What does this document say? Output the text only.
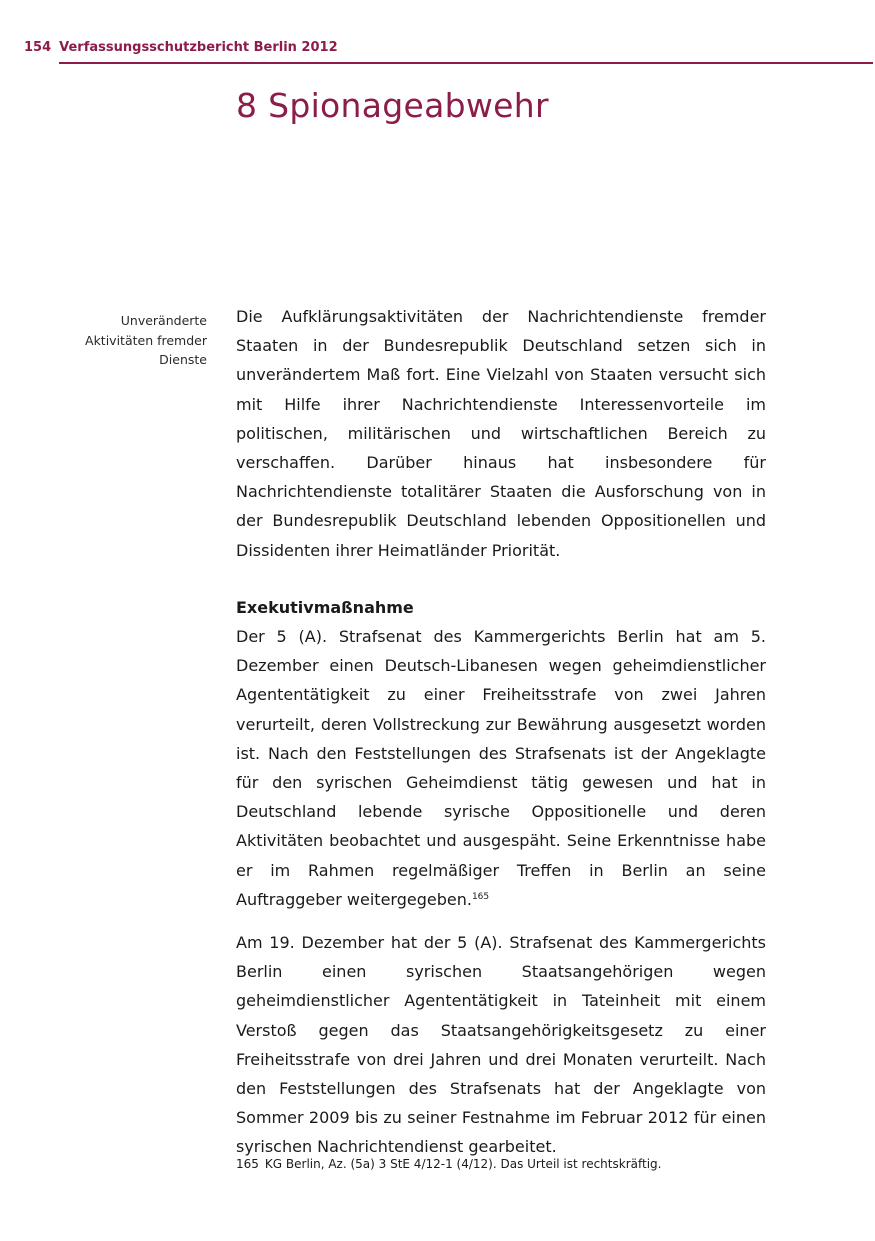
154 Verfassungsschutzbericht Berlin 2012
8 Spionageabwehr
Unveränderte
Aktivitäten fremder
Dienste

Die Aufklärungsaktivitäten der Nachrichtendienste fremder Staaten in der Bundesrepublik Deutschland setzen sich in unverändertem Maß fort. Eine Vielzahl von Staaten versucht sich mit Hilfe ihrer Nachrichtendienste Interessenvorteile im politischen, militärischen und wirtschaftlichen Bereich zu verschaffen. Darüber hinaus hat insbesondere für Nachrichtendienste totalitärer Staaten die Ausforschung von in der Bundesrepublik Deutschland lebenden Oppositionellen und Dissidenten ihrer Heimatländer Priorität.

Exekutivmaßnahme

Der 5 (A). Strafsenat des Kammergerichts Berlin hat am 5. Dezember einen Deutsch-Libanesen wegen geheimdienstlicher Agententätigkeit zu einer Freiheitsstrafe von zwei Jahren verurteilt, deren Vollstreckung zur Bewährung ausgesetzt worden ist. Nach den Feststellungen des Strafsenats ist der Angeklagte für den syrischen Geheimdienst tätig gewesen und hat in Deutschland lebende syrische Oppositionelle und deren Aktivitäten beobachtet und ausgespäht. Seine Erkenntnisse habe er im Rahmen regelmäßiger Treffen in Berlin an seine Auftraggeber weitergegeben.$^{165}$

Am 19. Dezember hat der 5 (A). Strafsenat des Kammergerichts Berlin einen syrischen Staatsangehörigen wegen geheimdienstlicher Agententätigkeit in Tateinheit mit einem Verstoß gegen das Staatsangehörigkeitsgesetz zu einer Freiheitsstrafe von drei Jahren und drei Monaten verurteilt. Nach den Feststellungen des Strafsenats hat der Angeklagte von Sommer 2009 bis zu seiner Festnahme im Februar 2012 für einen syrischen Nachrichtendienst gearbeitet.

165 KG Berlin, Az. (5a) 3 StE 4/12-1 (4/12). Das Urteil ist rechtskräftig.
